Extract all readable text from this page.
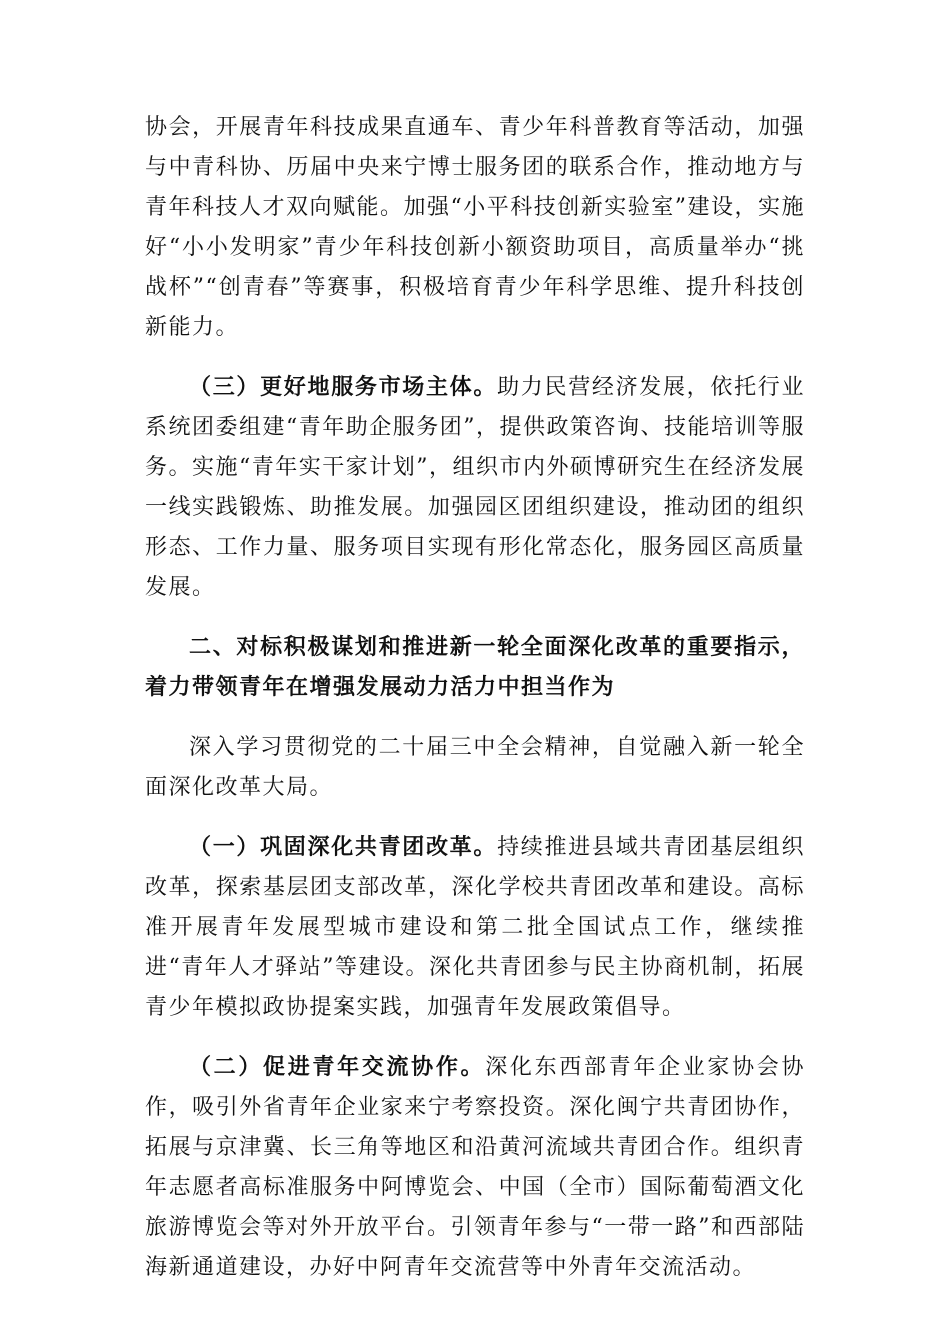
协会，开展青年科技成果直通车、青少年科普教育等活动，加强与中青科协、历届中央来宁博士服务团的联系合作，推动地方与青年科技人才双向赋能。加强“小平科技创新实验室”建设，实施好“小小发明家”青少年科技创新小额资助项目，高质量举办“挑战杯”“创青春”等赛事，积极培育青少年科学思维、提升科技创新能力。

（三）更好地服务市场主体。助力民营经济发展，依托行业系统团委组建“青年助企服务团”，提供政策咨询、技能培训等服务。实施“青年实干家计划”，组织市内外硕博研究生在经济发展一线实践锻炼、助推发展。加强园区团组织建设，推动团的组织形态、工作力量、服务项目实现有形化常态化，服务园区高质量发展。

二、对标积极谋划和推进新一轮全面深化改革的重要指示，着力带领青年在增强发展动力活力中担当作为

深入学习贯彻党的二十届三中全会精神，自觉融入新一轮全面深化改革大局。

（一）巩固深化共青团改革。持续推进县域共青团基层组织改革，探索基层团支部改革，深化学校共青团改革和建设。高标准开展青年发展型城市建设和第二批全国试点工作，继续推进“青年人才驿站”等建设。深化共青团参与民主协商机制，拓展青少年模拟政协提案实践，加强青年发展政策倡导。

（二）促进青年交流协作。深化东西部青年企业家协会协作，吸引外省青年企业家来宁考察投资。深化闽宁共青团协作，拓展与京津冀、长三角等地区和沿黄河流域共青团合作。组织青年志愿者高标准服务中阿博览会、中国（全市）国际葡萄酒文化旅游博览会等对外开放平台。引领青年参与“一带一路”和西部陆海新通道建设，办好中阿青年交流营等中外青年交流活动。
